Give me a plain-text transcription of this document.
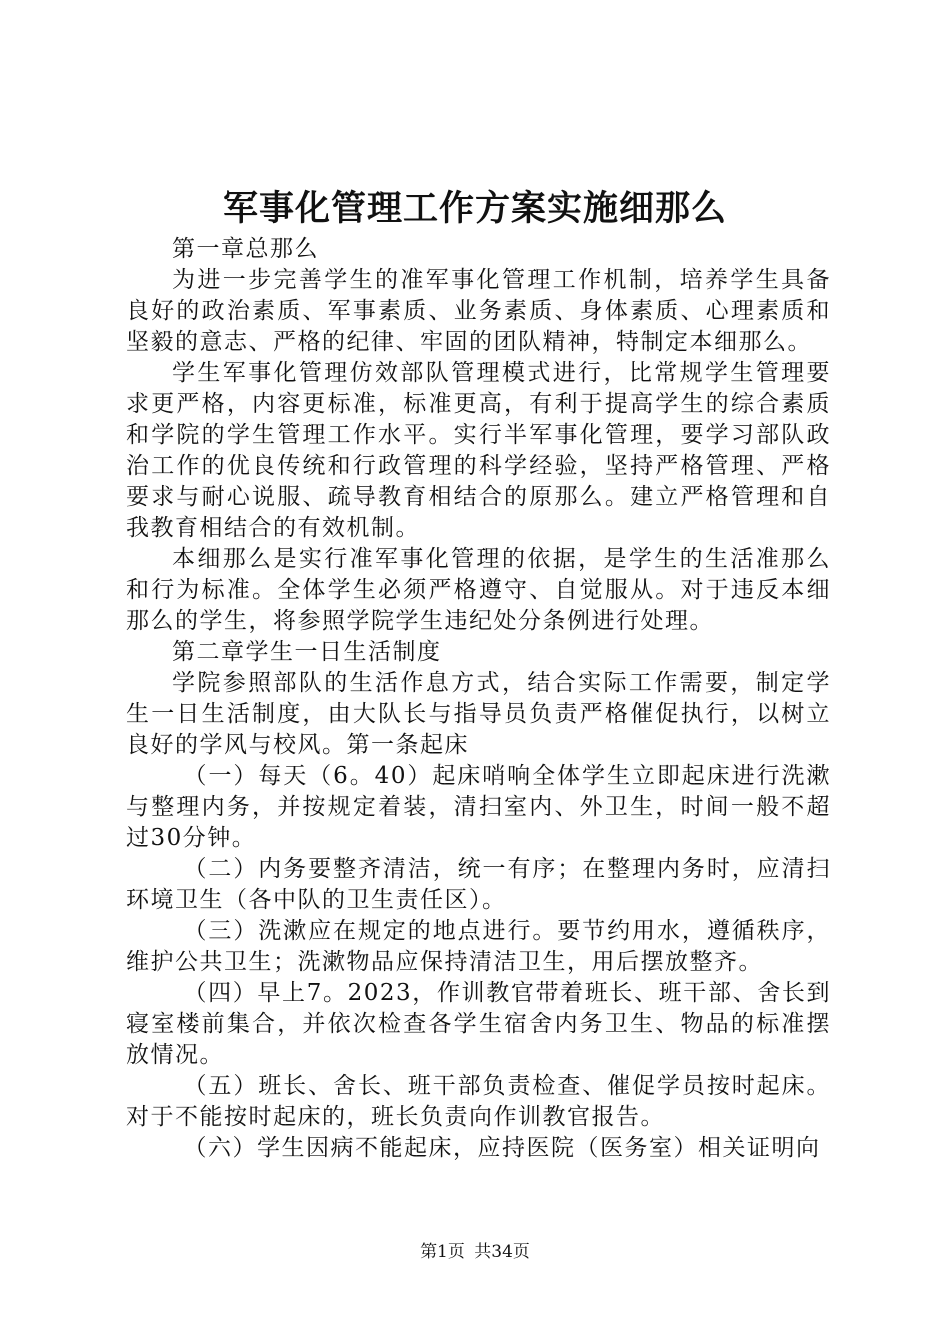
军事化管理工作方案实施细那么

第一章总那么

为进一步完善学生的准军事化管理工作机制，培养学生具备良好的政治素质、军事素质、业务素质、身体素质、心理素质和坚毅的意志、严格的纪律、牢固的团队精神，特制定本细那么。

学生军事化管理仿效部队管理模式进行，比常规学生管理要求更严格，内容更标准，标准更高，有利于提高学生的综合素质和学院的学生管理工作水平。实行半军事化管理，要学习部队政治工作的优良传统和行政管理的科学经验，坚持严格管理、严格要求与耐心说服、疏导教育相结合的原那么。建立严格管理和自我教育相结合的有效机制。

本细那么是实行准军事化管理的依据，是学生的生活准那么和行为标准。全体学生必须严格遵守、自觉服从。对于违反本细那么的学生，将参照学院学生违纪处分条例进行处理。

第二章学生一日生活制度

学院参照部队的生活作息方式，结合实际工作需要，制定学生一日生活制度，由大队长与指导员负责严格催促执行，以树立良好的学风与校风。第一条起床

（一）每天（6。40）起床哨响全体学生立即起床进行洗漱与整理内务，并按规定着装，清扫室内、外卫生，时间一般不超过30分钟。

（二）内务要整齐清洁，统一有序；在整理内务时，应清扫环境卫生（各中队的卫生责任区）。

（三）洗漱应在规定的地点进行。要节约用水，遵循秩序，维护公共卫生；洗漱物品应保持清洁卫生，用后摆放整齐。

（四）早上7。2023，作训教官带着班长、班干部、舍长到寝室楼前集合，并依次检查各学生宿舍内务卫生、物品的标准摆放情况。

（五）班长、舍长、班干部负责检查、催促学员按时起床。对于不能按时起床的，班长负责向作训教官报告。

（六）学生因病不能起床，应持医院（医务室）相关证明向

第1页 共34页
